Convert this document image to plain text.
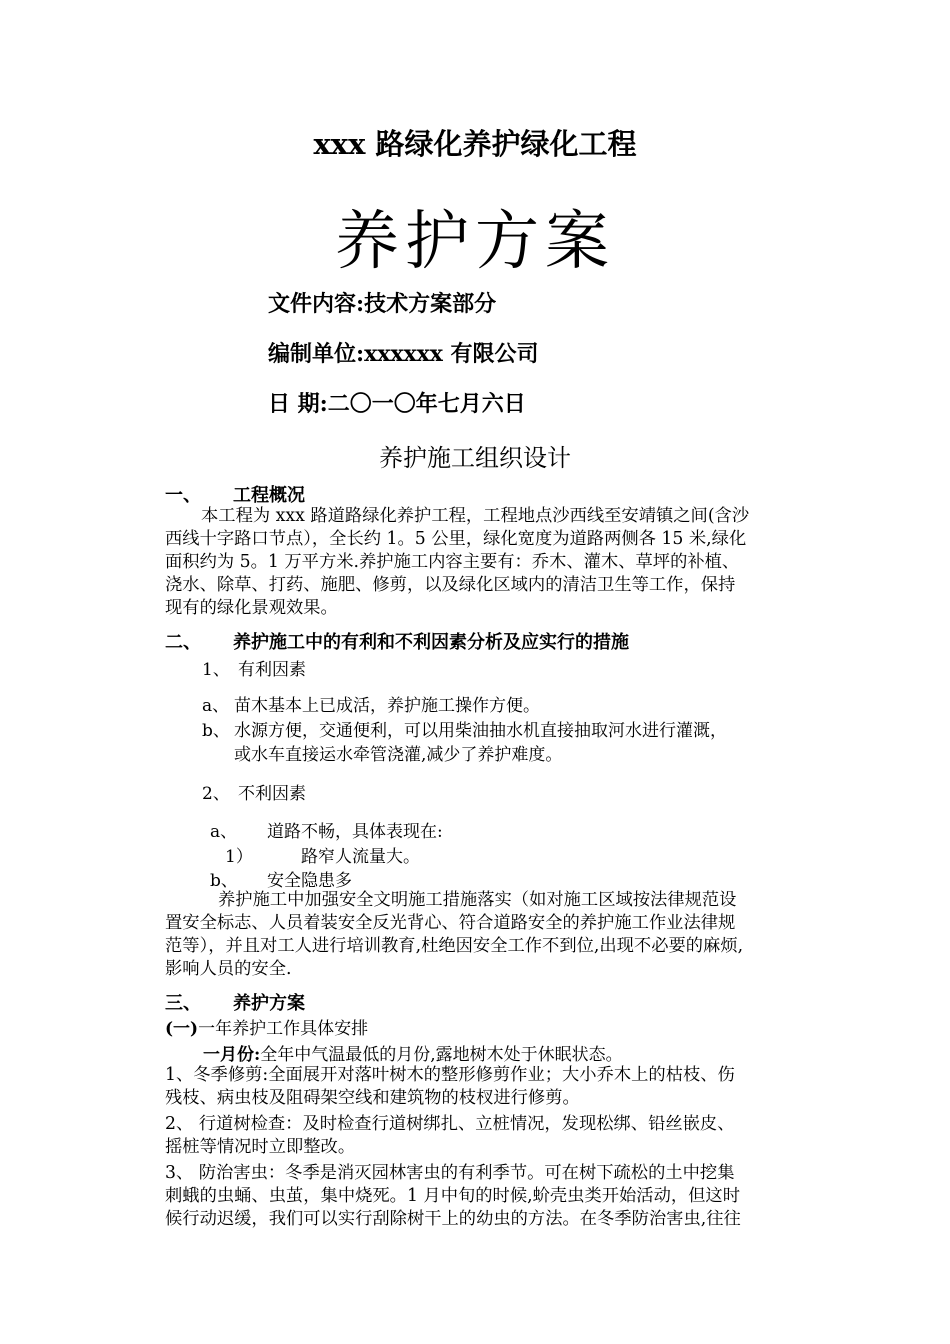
xxx 路绿化养护绿化工程
养护方案
文件内容:技术方案部分
编制单位:xxxxxx 有限公司
日 期:二〇一〇年七月六日
养护施工组织设计
一、 工程概况
本工程为 xxx 路道路绿化养护工程，工程地点沙西线至安靖镇之间(含沙
西线十字路口节点），全长约 1。5 公里，绿化宽度为道路两侧各 15 米,绿化
面积约为 5。1 万平方米.养护施工内容主要有：乔木、灌木、草坪的补植、
浇水、除草、打药、施肥、修剪，以及绿化区域内的清洁卫生等工作，保持
现有的绿化景观效果。
二、 养护施工中的有利和不利因素分析及应实行的措施
1、 有利因素
a、 苗木基本上已成活，养护施工操作方便。
b、 水源方便，交通便利，可以用柴油抽水机直接抽取河水进行灌溉，
或水车直接运水牵管浇灌,减少了养护难度。
2、 不利因素
a、 道路不畅，具体表现在:
1）	路窄人流量大。
b、 安全隐患多
养护施工中加强安全文明施工措施落实（如对施工区域按法律规范设
置安全标志、人员着装安全反光背心、符合道路安全的养护施工作业法律规
范等），并且对工人进行培训教育,杜绝因安全工作不到位,出现不必要的麻烦,
影响人员的安全.
三、 养护方案
(一)一年养护工作具体安排
一月份:全年中气温最低的月份,露地树木处于休眠状态。
1、冬季修剪:全面展开对落叶树木的整形修剪作业；大小乔木上的枯枝、伤
残枝、病虫枝及阻碍架空线和建筑物的枝杈进行修剪。
2、 行道树检查：及时检查行道树绑扎、立桩情况，发现松绑、铅丝嵌皮、
摇桩等情况时立即整改。
3、 防治害虫：冬季是消灭园林害虫的有利季节。可在树下疏松的土中挖集
刺蛾的虫蛹、虫茧，集中烧死。1 月中旬的时候,蚧壳虫类开始活动，但这时
候行动迟缓，我们可以实行刮除树干上的幼虫的方法。在冬季防治害虫,往往
